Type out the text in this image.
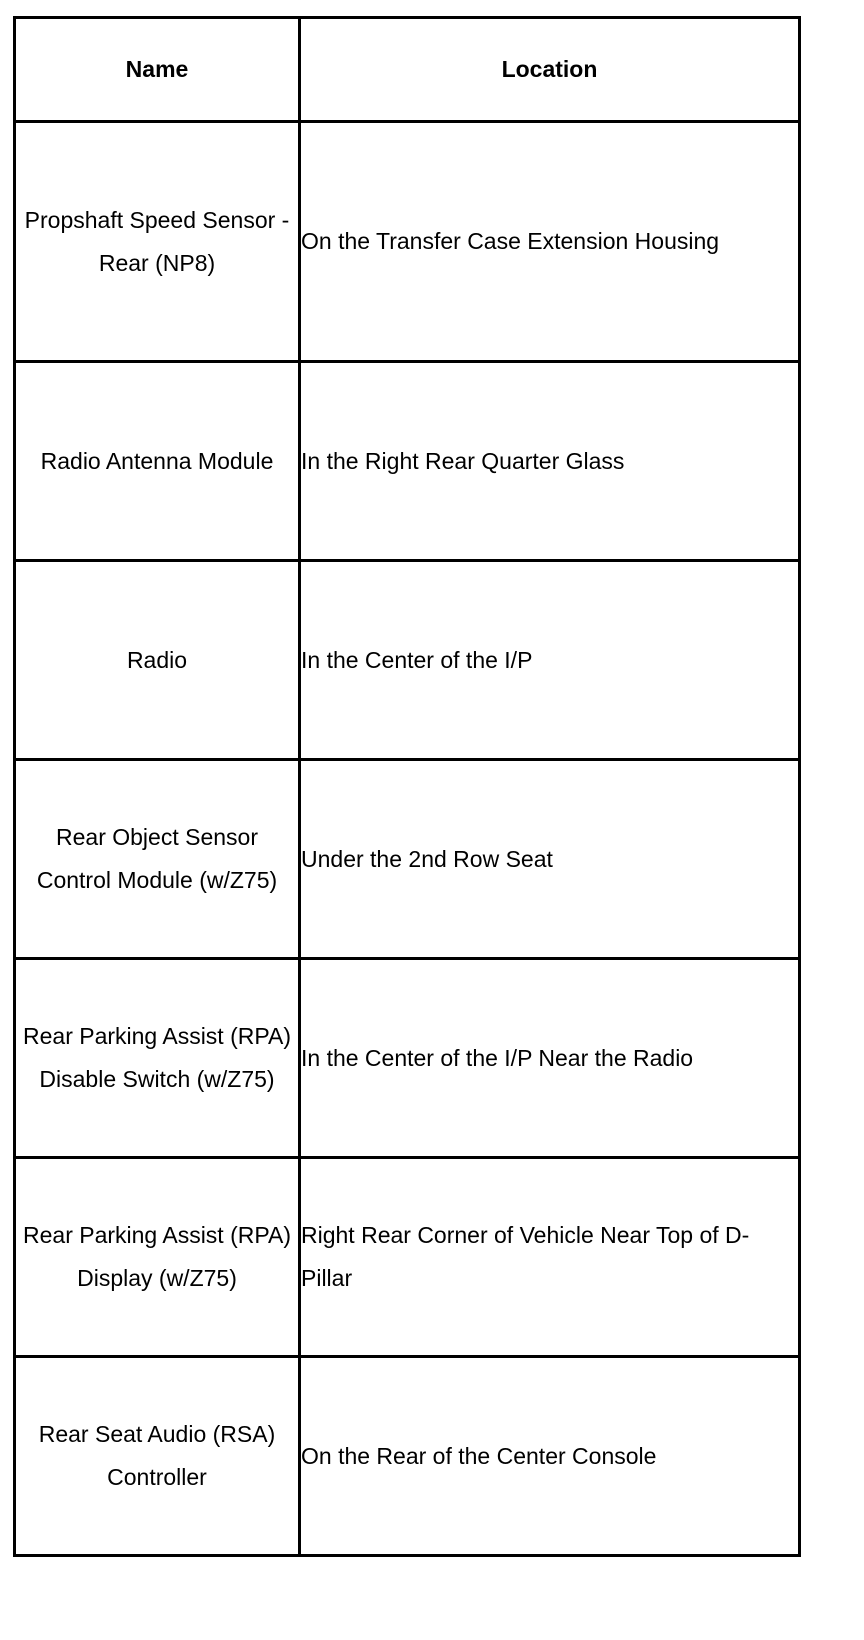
Name	Location
Propshaft Speed Sensor - Rear (NP8)	On the Transfer Case Extension Housing
Radio Antenna Module	In the Right Rear Quarter Glass
Radio	In the Center of the I/P
Rear Object Sensor Control Module (w/Z75)	Under the 2nd Row Seat
Rear Parking Assist (RPA) Disable Switch (w/Z75)	In the Center of the I/P Near the Radio
Rear Parking Assist (RPA) Display (w/Z75)	Right Rear Corner of Vehicle Near Top of D-Pillar
Rear Seat Audio (RSA) Controller	On the Rear of the Center Console
